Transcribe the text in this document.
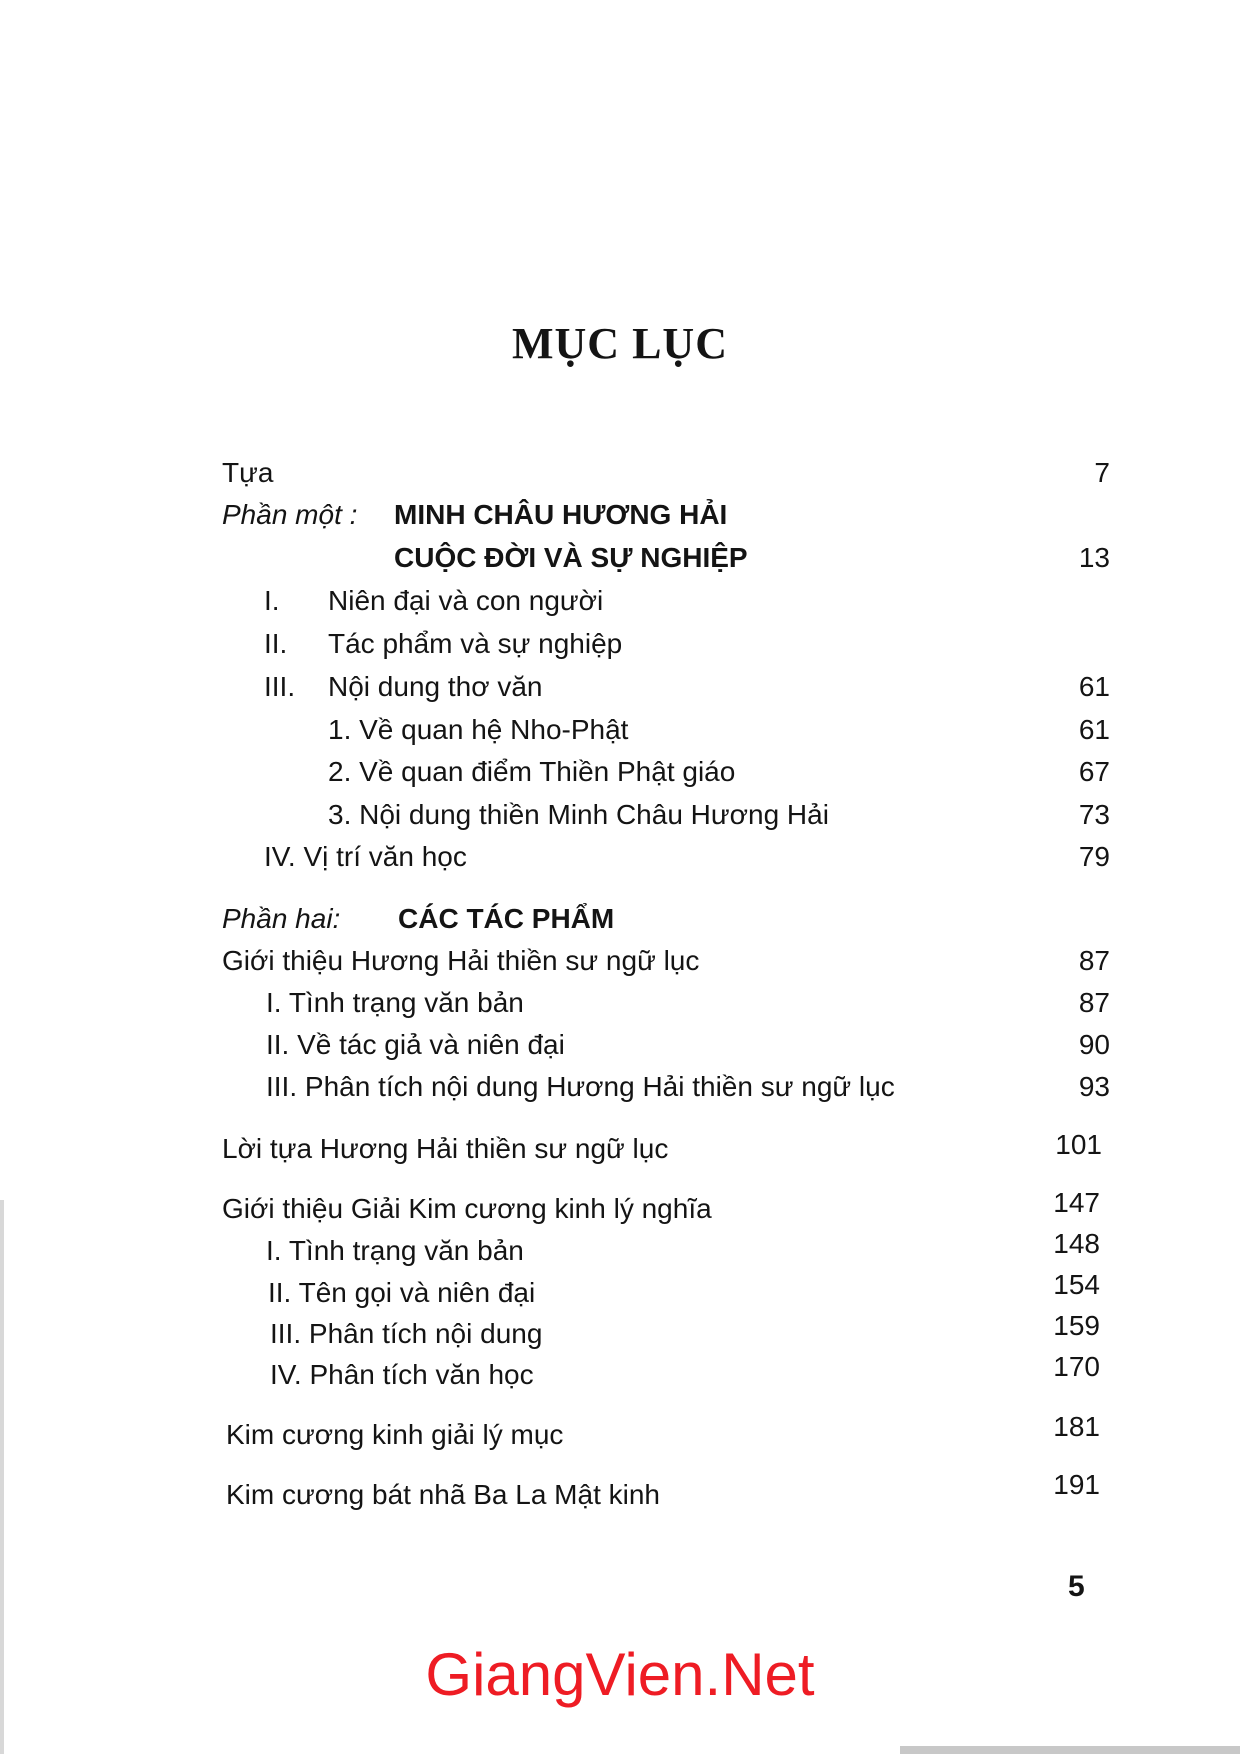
MỤC LỤC
Tựa	7
Phần một : MINH CHÂU HƯƠNG HẢI
CUỘC ĐỜI VÀ SỰ NGHIỆP	13
I. Niên đại và con người
II. Tác phẩm và sự nghiệp
III. Nội dung thơ văn	61
1. Về quan hệ Nho-Phật	61
2. Về quan điểm Thiền Phật giáo	67
3. Nội dung thiền Minh Châu Hương Hải	73
IV. Vị trí văn học	79
Phần hai: CÁC TÁC PHẨM
Giới thiệu Hương Hải thiền sư ngữ lục	87
I. Tình trạng văn bản	87
II. Về tác giả và niên đại	90
III. Phân tích nội dung Hương Hải thiền sư ngữ lục	93
Lời tựa Hương Hải thiền sư ngữ lục	101
Giới thiệu Giải Kim cương kinh lý nghĩa	147
I. Tình trạng văn bản	148
II. Tên gọi và niên đại	154
III. Phân tích nội dung	159
IV. Phân tích văn học	170
Kim cương kinh giải lý mục	181
Kim cương bát nhã Ba La Mật kinh	191
5
GiangVien.Net
